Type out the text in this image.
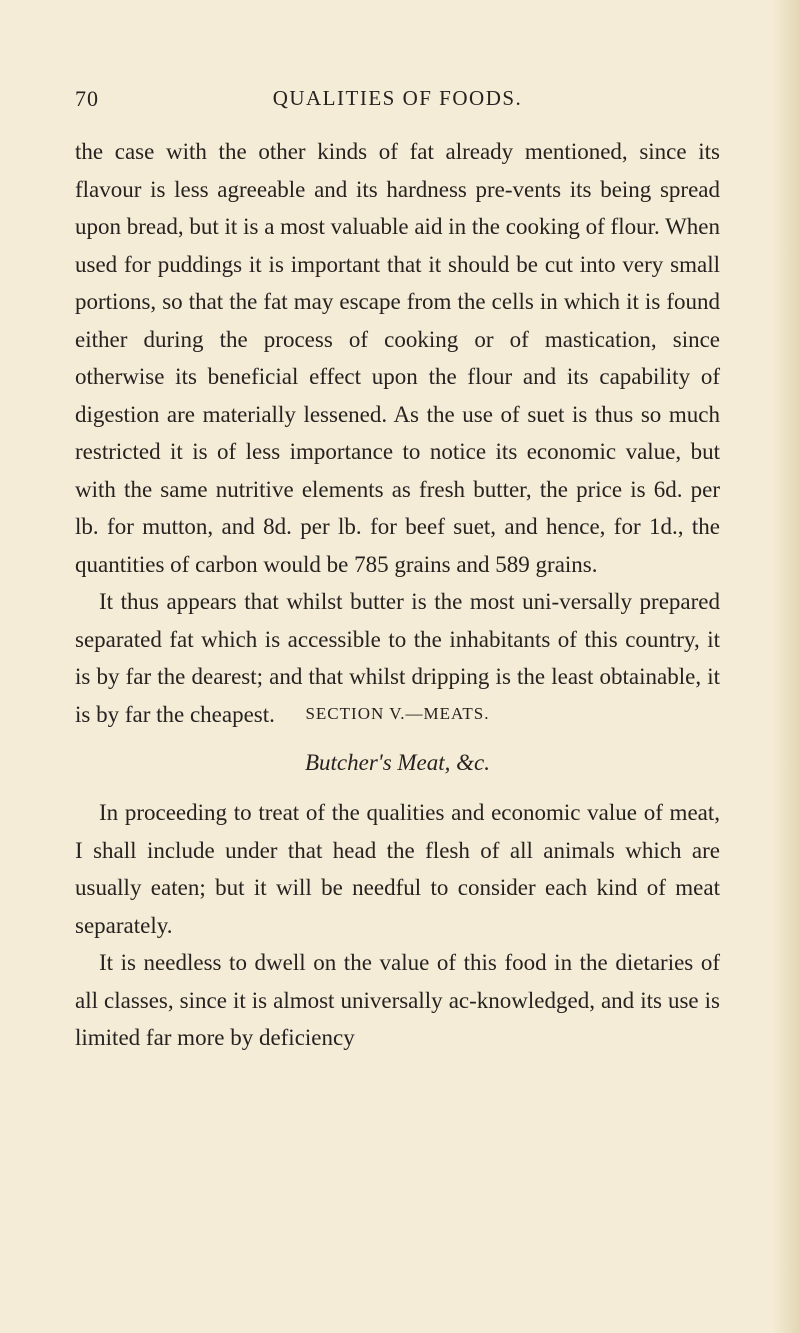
70	QUALITIES OF FOODS.

the case with the other kinds of fat already mentioned, since its flavour is less agreeable and its hardness pre-vents its being spread upon bread, but it is a most valuable aid in the cooking of flour. When used for puddings it is important that it should be cut into very small portions, so that the fat may escape from the cells in which it is found either during the process of cooking or of mastication, since otherwise its beneficial effect upon the flour and its capability of digestion are materially lessened. As the use of suet is thus so much restricted it is of less importance to notice its economic value, but with the same nutritive elements as fresh butter, the price is 6d. per lb. for mutton, and 8d. per lb. for beef suet, and hence, for 1d., the quantities of carbon would be 785 grains and 589 grains.

It thus appears that whilst butter is the most uni-versally prepared separated fat which is accessible to the inhabitants of this country, it is by far the dearest; and that whilst dripping is the least obtainable, it is by far the cheapest.	SECTION V.—MEATS.
Butcher's Meat, &c.

In proceeding to treat of the qualities and economic value of meat, I shall include under that head the flesh of all animals which are usually eaten; but it will be needful to consider each kind of meat separately.

It is needless to dwell on the value of this food in the dietaries of all classes, since it is almost universally ac-knowledged, and its use is limited far more by deficiency
